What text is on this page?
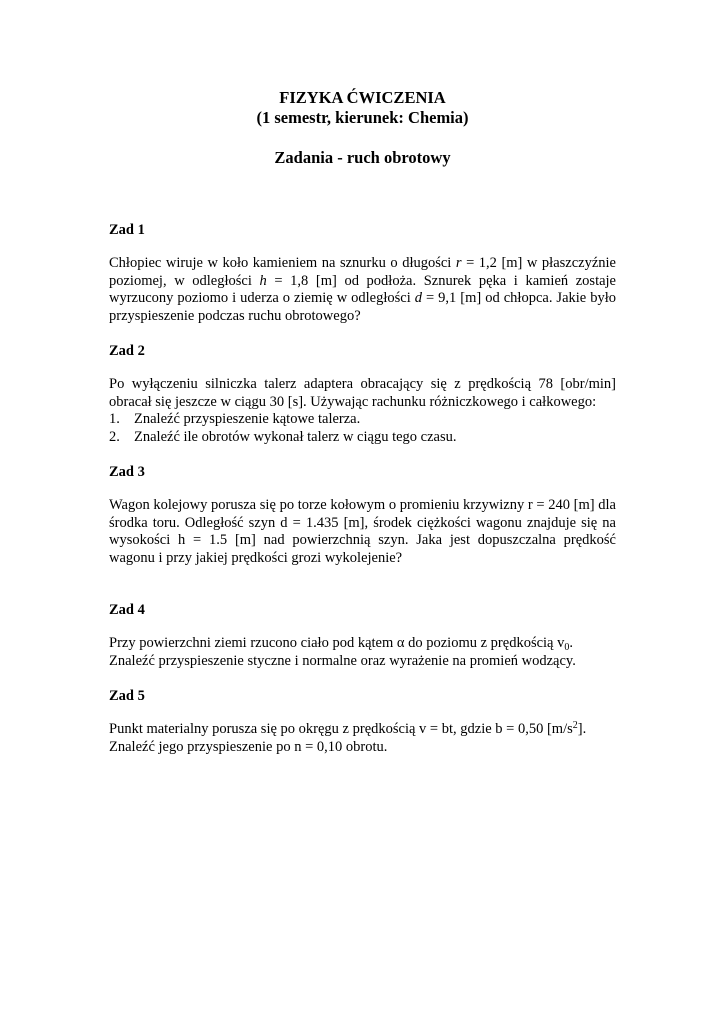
FIZYKA ĆWICZENIA
(1 semestr, kierunek: Chemia)
Zadania - ruch obrotowy
Zad 1

Chłopiec wiruje w koło kamieniem na sznurku o długości r = 1,2 [m] w płaszczyźnie poziomej, w odległości h = 1,8 [m] od podłoża. Sznurek pęka i kamień zostaje wyrzucony poziomo i uderza o ziemię w odległości d = 9,1 [m] od chłopca. Jakie było przyspieszenie podczas ruchu obrotowego?

Zad 2

Po wyłączeniu silniczka talerz adaptera obracający się z prędkością 78 [obr/min] obracał się jeszcze w ciągu 30 [s]. Używając rachunku różniczkowego i całkowego:

1. Znaleźć przyspieszenie kątowe talerza.
2. Znaleźć ile obrotów wykonał talerz w ciągu tego czasu.
Zad 3

Wagon kolejowy porusza się po torze kołowym o promieniu krzywizny r = 240 [m] dla środka toru. Odległość szyn d = 1.435 [m], środek ciężkości wagonu znajduje się na wysokości h = 1.5 [m] nad powierzchnią szyn. Jaka jest dopuszczalna prędkość wagonu i przy jakiej prędkości grozi wykolejenie?

Zad 4

Przy powierzchni ziemi rzucono ciało pod kątem α do poziomu z prędkością $v_0$.
Znaleźć przyspieszenie styczne i normalne oraz wyrażenie na promień wodzący.

Zad 5

Punkt materialny porusza się po okręgu z prędkością v = bt, gdzie b = 0,50 $[m/s^2]$.
Znaleźć jego przyspieszenie po n = 0,10 obrotu.
